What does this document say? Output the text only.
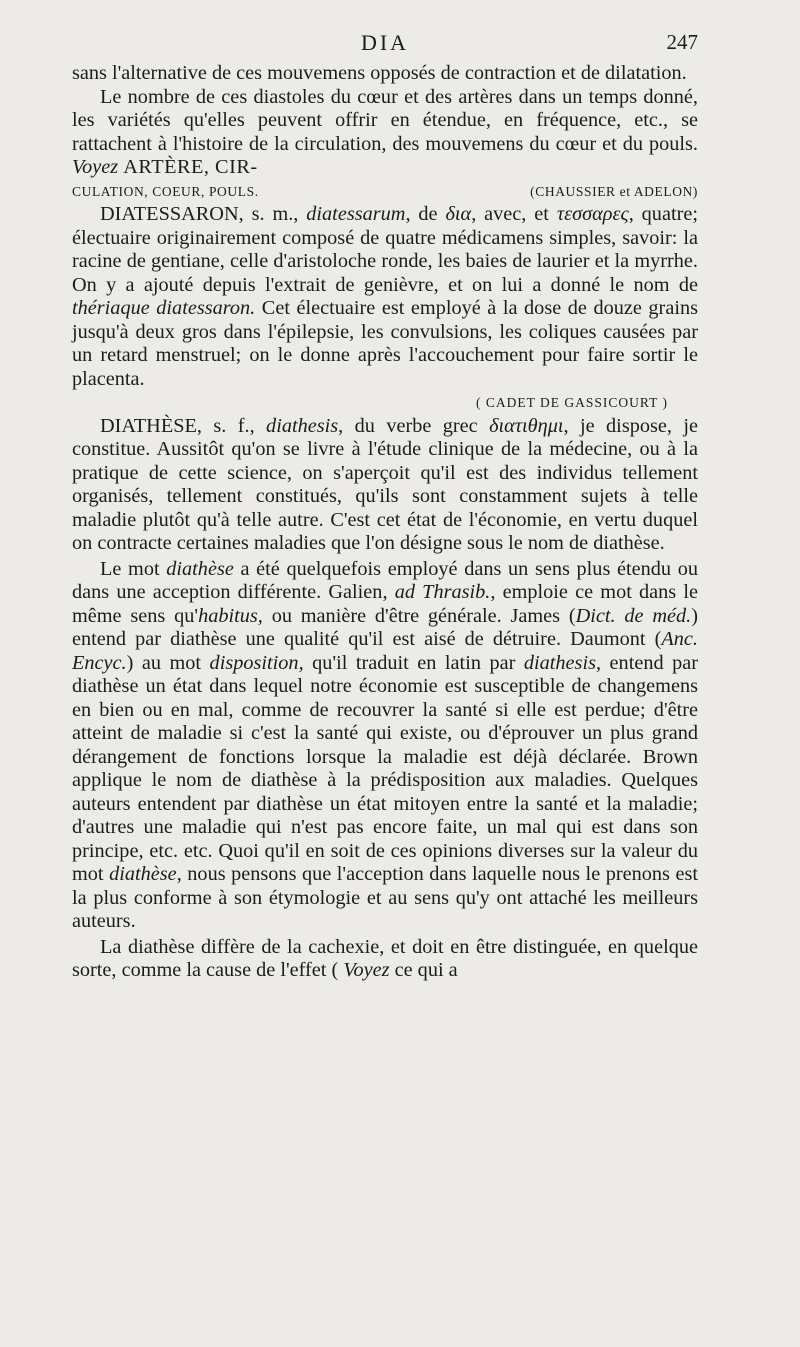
DIA	247

sans l'alternative de ces mouvemens opposés de contraction et de dilatation.

Le nombre de ces diastoles du cœur et des artères dans un temps donné, les variétés qu'elles peuvent offrir en étendue, en fréquence, etc., se rattachent à l'histoire de la circulation, des mouvemens du cœur et du pouls. Voyez ARTÈRE, CIR-

CULATION, COEUR, POULS.	(CHAUSSIER et ADELON)

DIATESSARON, s. m., diatessarum, de δια, avec, et τεσσαρες, quatre; électuaire originairement composé de quatre médicamens simples, savoir: la racine de gentiane, celle d'aristoloche ronde, les baies de laurier et la myrrhe. On y a ajouté depuis l'extrait de genièvre, et on lui a donné le nom de thériaque diatessaron. Cet électuaire est employé à la dose de douze grains jusqu'à deux gros dans l'épilepsie, les convulsions, les coliques causées par un retard menstruel; on le donne après l'accouchement pour faire sortir le placenta.

( CADET DE GASSICOURT )

DIATHÈSE, s. f., diathesis, du verbe grec διατιθημι, je dispose, je constitue. Aussitôt qu'on se livre à l'étude clinique de la médecine, ou à la pratique de cette science, on s'aperçoit qu'il est des individus tellement organisés, tellement constitués, qu'ils sont constamment sujets à telle maladie plutôt qu'à telle autre. C'est cet état de l'économie, en vertu duquel on contracte certaines maladies que l'on désigne sous le nom de diathèse.

Le mot diathèse a été quelquefois employé dans un sens plus étendu ou dans une acception différente. Galien, ad Thrasib., emploie ce mot dans le même sens qu'habitus, ou manière d'être générale. James (Dict. de méd.) entend par diathèse une qualité qu'il est aisé de détruire. Daumont (Anc. Encyc.) au mot disposition, qu'il traduit en latin par diathesis, entend par diathèse un état dans lequel notre économie est susceptible de changemens en bien ou en mal, comme de recouvrer la santé si elle est perdue; d'être atteint de maladie si c'est la santé qui existe, ou d'éprouver un plus grand dérangement de fonctions lorsque la maladie est déjà déclarée. Brown applique le nom de diathèse à la prédisposition aux maladies. Quelques auteurs entendent par diathèse un état mitoyen entre la santé et la maladie; d'autres une maladie qui n'est pas encore faite, un mal qui est dans son principe, etc. etc. Quoi qu'il en soit de ces opinions diverses sur la valeur du mot diathèse, nous pensons que l'acception dans laquelle nous le prenons est la plus conforme à son étymologie et au sens qu'y ont attaché les meilleurs auteurs.

La diathèse diffère de la cachexie, et doit en être distinguée, en quelque sorte, comme la cause de l'effet ( Voyez ce qui a
